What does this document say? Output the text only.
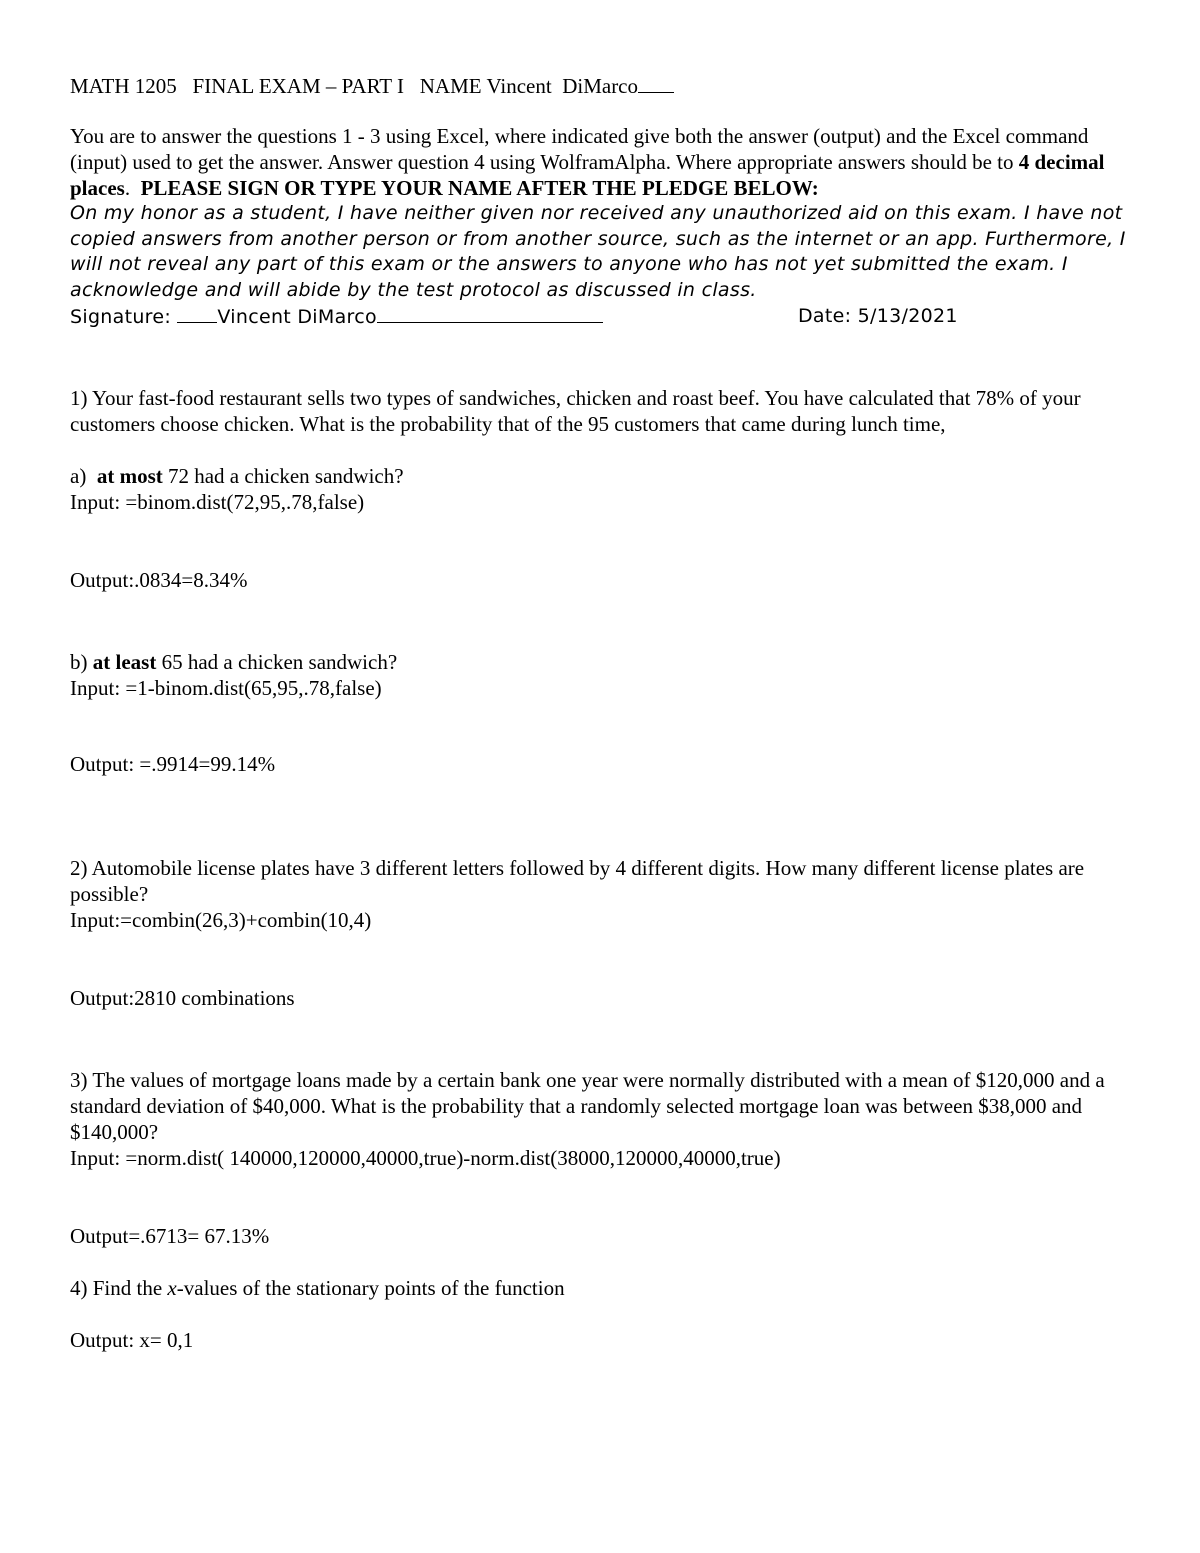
MATH 1205 FINAL EXAM – PART I NAME Vincent  DiMarco

You are to answer the questions 1 - 3 using Excel, where indicated give both the answer (output) and the Excel command (input) used to get the answer. Answer question 4 using WolframAlpha. Where appropriate answers should be to 4 decimal places.  PLEASE SIGN OR TYPE YOUR NAME AFTER THE PLEDGE BELOW:

On my honor as a student, I have neither given nor received any unauthorized aid on this exam. I have not copied answers from another person or from another source, such as the internet or an app. Furthermore, I will not reveal any part of this exam or the answers to anyone who has not yet submitted the exam. I acknowledge and will abide by the test protocol as discussed in class.

Signature: Vincent DiMarco	Date: 5/13/2021

1) Your fast-food restaurant sells two types of sandwiches, chicken and roast beef. You have calculated that 78% of your customers choose chicken. What is the probability that of the 95 customers that came during lunch time,

a)  at most 72 had a chicken sandwich?

Input: =binom.dist(72,95,.78,false)

Output:.0834=8.34%

b) at least 65 had a chicken sandwich?

Input: =1-binom.dist(65,95,.78,false)

Output: =.9914=99.14%

2) Automobile license plates have 3 different letters followed by 4 different digits. How many different license plates are possible?

Input:=combin(26,3)+combin(10,4)

Output:2810 combinations

3) The values of mortgage loans made by a certain bank one year were normally distributed with a mean of $120,000 and a standard deviation of $40,000. What is the probability that a randomly selected mortgage loan was between $38,000 and $140,000?

Input: =norm.dist( 140000,120000,40000,true)-norm.dist(38000,120000,40000,true)

Output=.6713= 67.13%

4) Find the x-values of the stationary points of the function

Output: x= 0,1
